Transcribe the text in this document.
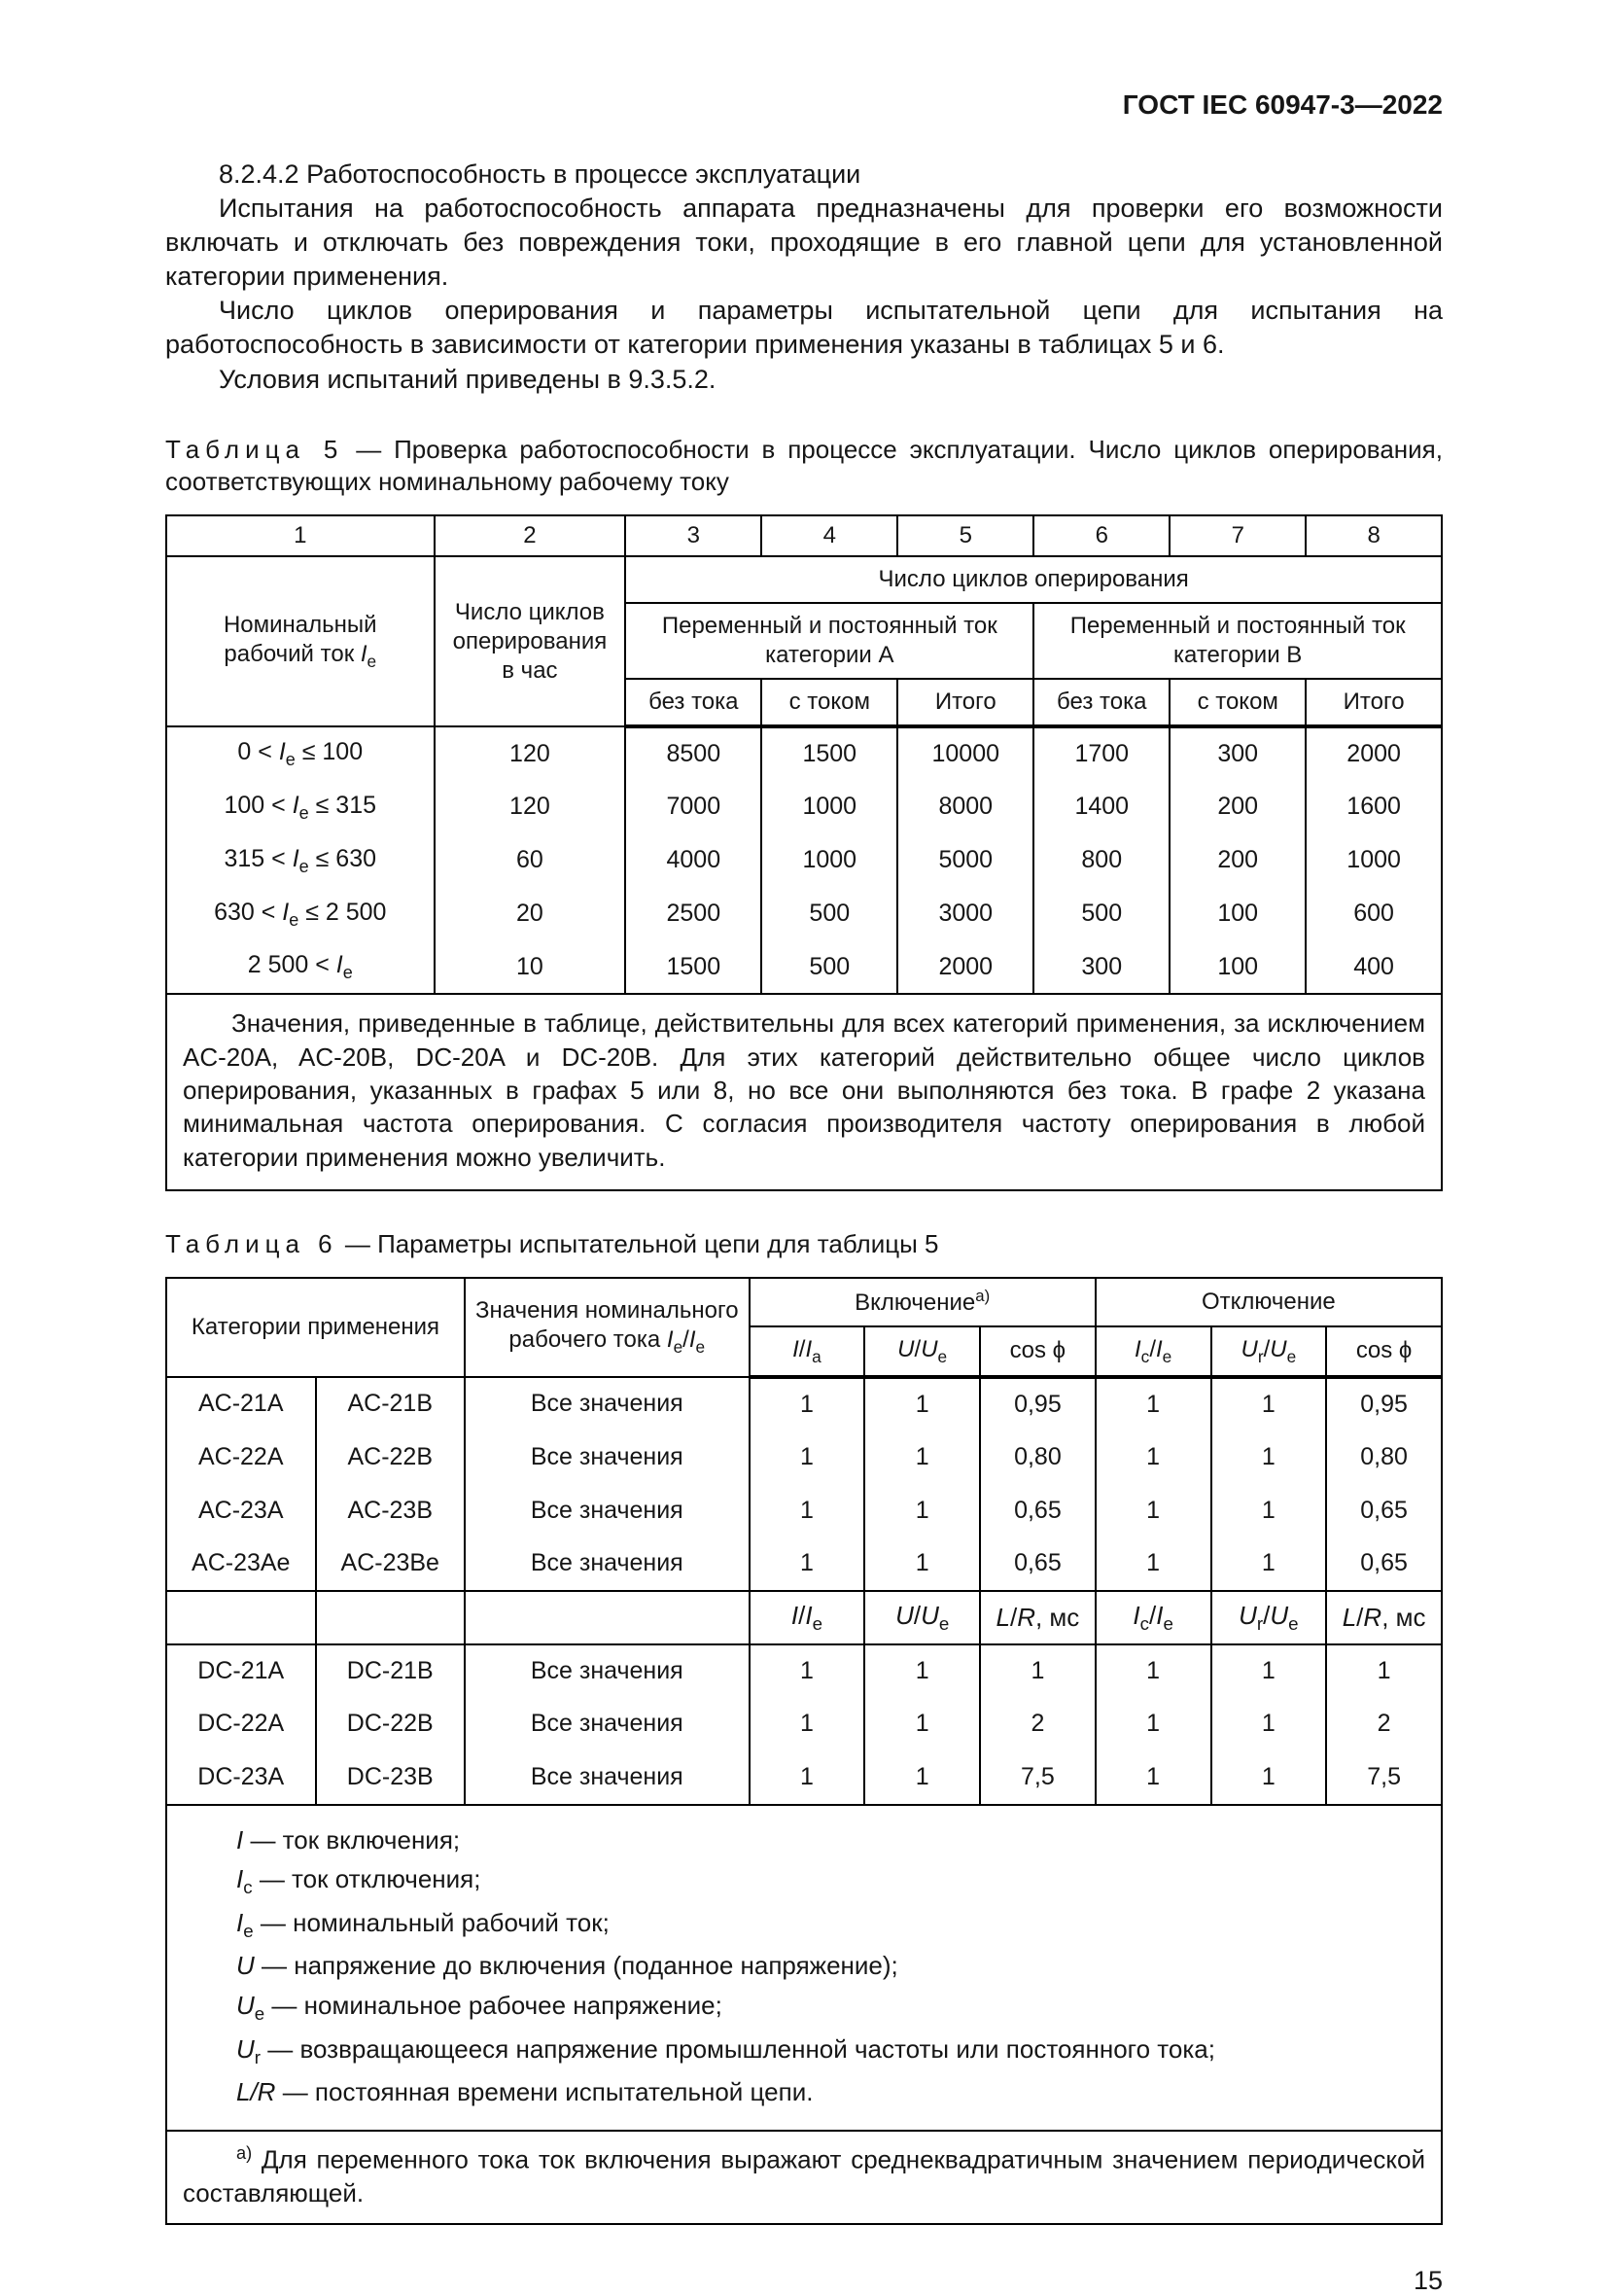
ГОСТ IEC 60947-3—2022

8.2.4.2 Работоспособность в процессе эксплуатации

Испытания на работоспособность аппарата предназначены для проверки его возможности включать и отключать без повреждения токи, проходящие в его главной цепи для установленной категории применения.

Число циклов оперирования и параметры испытательной цепи для испытания на работоспособность в зависимости от категории применения указаны в таблицах 5 и 6.

Условия испытаний приведены в 9.3.5.2.

Таблица 5 — Проверка работоспособности в процессе эксплуатации. Число циклов оперирования, соответствующих номинальному рабочему току

1	2	3	4	5	6	7	8
Номинальный рабочий ток $I_e$	Число циклов оперирования в час	Число циклов оперирования					
		Переменный и постоянный ток категории A			Переменный и постоянный ток категории B		
		без тока	с током	Итого	без тока	с током	Итого
$0 < I_e \le 100$	120	8500	1500	10000	1700	300	2000
$100 < I_e \le 315$	120	7000	1000	8000	1400	200	1600
$315 < I_e \le 630$	60	4000	1000	5000	800	200	1000
$630 < I_e \le 2$ 500	20	2500	500	3000	500	100	600
2 $500 < I_e$	10	1500	500	2000	300	100	400
Значения, приведенные в таблице, действительны для всех категорий применения, за исключением AC-20A, AC-20B, DC-20A и DC-20B. Для этих категорий действительно общее число циклов оперирования, указанных в графах 5 или 8, но все они выполняются без тока. В графе 2 указана минимальная частота оперирования. С согласия производителя частоту оперирования в любой категории применения можно увеличить.							

Таблица 6 — Параметры испытательной цепи для таблицы 5

Категории применения		Значения номинального рабочего тока $I_e/I_e$	Включение$^{a)}$			Отключение		
			$I/I_a$	$U/U_e$	cos ϕ	$I_c/I_e$	$U_r/U_e$	cos ϕ
AC-21A	AC-21B	Все значения	1	1	0,95	1	1	0,95
AC-22A	AC-22B	Все значения	1	1	0,80	1	1	0,80
AC-23A	AC-23B	Все значения	1	1	0,65	1	1	0,65
AC-23Ae	AC-23Be	Все значения	1	1	0,65	1	1	0,65
			$I/I_e$	$U/U_e$	L/R, мс	$I_c/I_e$	$U_r/U_e$	L/R, мс
DC-21A	DC-21B	Все значения	1	1	1	1	1	1
DC-22A	DC-22B	Все значения	1	1	2	1	1	2
DC-23A	DC-23B	Все значения	1	1	7,5	1	1	7,5

I — ток включения;
$I_c$ — ток отключения;
$I_e$ — номинальный рабочий ток;
U — напряжение до включения (поданное напряжение);
$U_e$ — номинальное рабочее напряжение;
$U_r$ — возвращающееся напряжение промышленной частоты или постоянного тока;
L/R — постоянная времени испытательной цепи.

$^{a)}$ Для переменного тока ток включения выражают среднеквадратичным значением периодической составляющей.								
15
